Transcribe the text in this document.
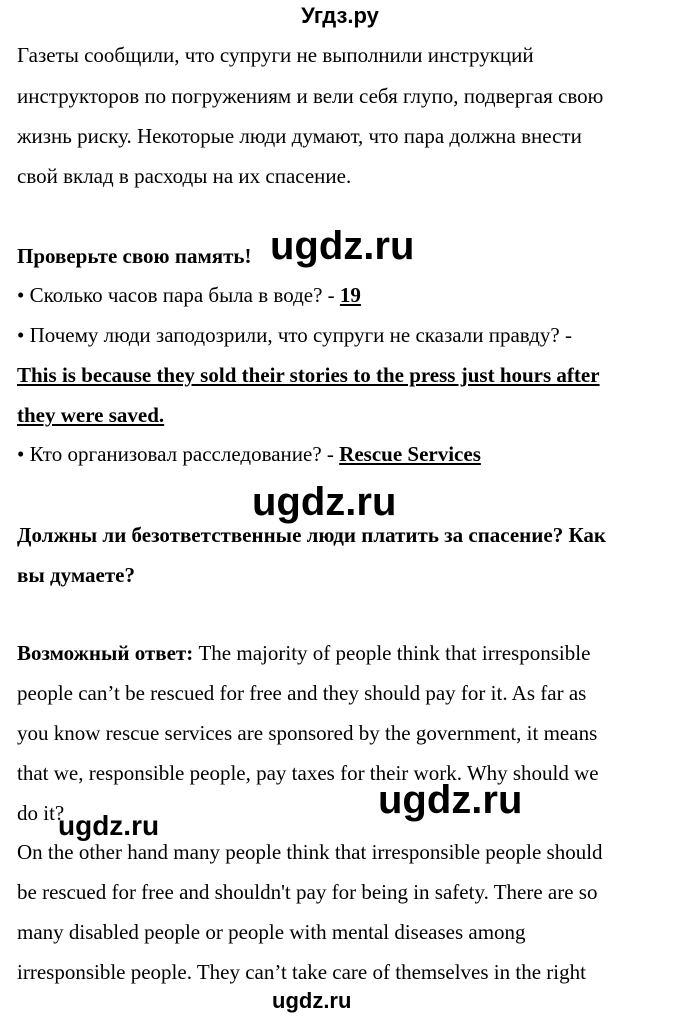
Угдз.ру
Газеты сообщили, что супруги не выполнили инструкций
инструкторов по погружениям и вели себя глупо, подвергая свою
жизнь риску. Некоторые люди думают, что пара должна внести
свой вклад в расходы на их спасение.
Проверьте свою память!
• Сколько часов пара была в воде? - 19
• Почему люди заподозрили, что супруги не сказали правду? -
This is because they sold their stories to the press just hours after
they were saved.
• Кто организовал расследование? - Rescue Services
Должны ли безответственные люди платить за спасение? Как
вы думаете?
Возможный ответ: The majority of people think that irresponsible
people can’t be rescued for free and they should pay for it. As far as
you know rescue services are sponsored by the government, it means
that we, responsible people, pay taxes for their work. Why should we
do it?
On the other hand many people think that irresponsible people should
be rescued for free and shouldn't pay for being in safety. There are so
many disabled people or people with mental diseases among
irresponsible people. They can’t take care of themselves in the right
ugdz.ru
ugdz.ru
ugdz.ru
ugdz.ru
ugdz.ru
